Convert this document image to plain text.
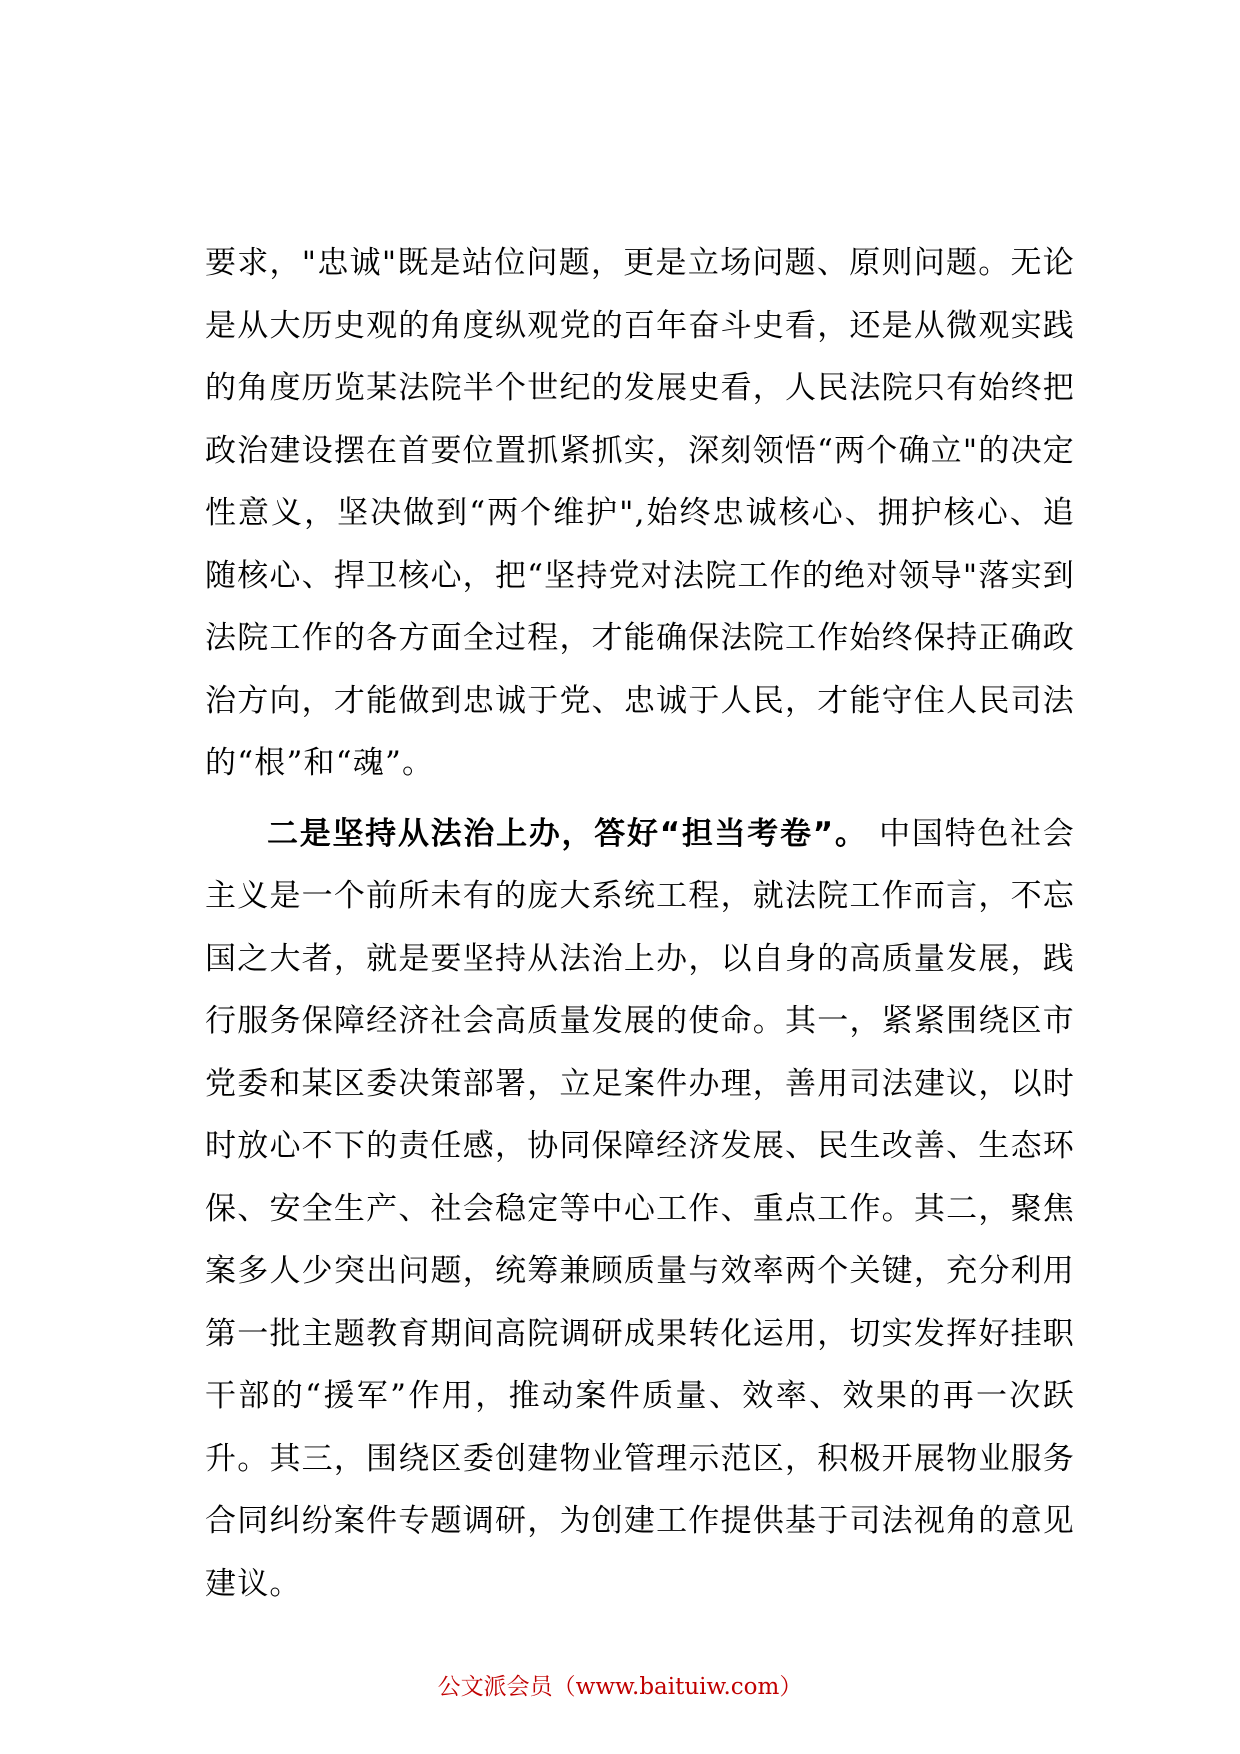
要求，"忠诚"既是站位问题，更是立场问题、原则问题。无论是从大历史观的角度纵观党的百年奋斗史看，还是从微观实践的角度历览某法院半个世纪的发展史看，人民法院只有始终把政治建设摆在首要位置抓紧抓实，深刻领悟“两个确立"的决定性意义，坚决做到“两个维护",始终忠诚核心、拥护核心、追随核心、捍卫核心，把“坚持党对法院工作的绝对领导"落实到法院工作的各方面全过程，才能确保法院工作始终保持正确政治方向，才能做到忠诚于党、忠诚于人民，才能守住人民司法的“根”和“魂”。

二是坚持从法治上办，答好“担当考卷”。 中国特色社会主义是一个前所未有的庞大系统工程，就法院工作而言，不忘国之大者，就是要坚持从法治上办，以自身的高质量发展，践行服务保障经济社会高质量发展的使命。其一，紧紧围绕区市党委和某区委决策部署，立足案件办理，善用司法建议，以时时放心不下的责任感，协同保障经济发展、民生改善、生态环保、安全生产、社会稳定等中心工作、重点工作。其二，聚焦案多人少突出问题，统筹兼顾质量与效率两个关键，充分利用第一批主题教育期间高院调研成果转化运用，切实发挥好挂职干部的“援军”作用，推动案件质量、效率、效果的再一次跃升。其三，围绕区委创建物业管理示范区，积极开展物业服务合同纠纷案件专题调研，为创建工作提供基于司法视角的意见建议。

公文派会员（www.baituiw.com）
